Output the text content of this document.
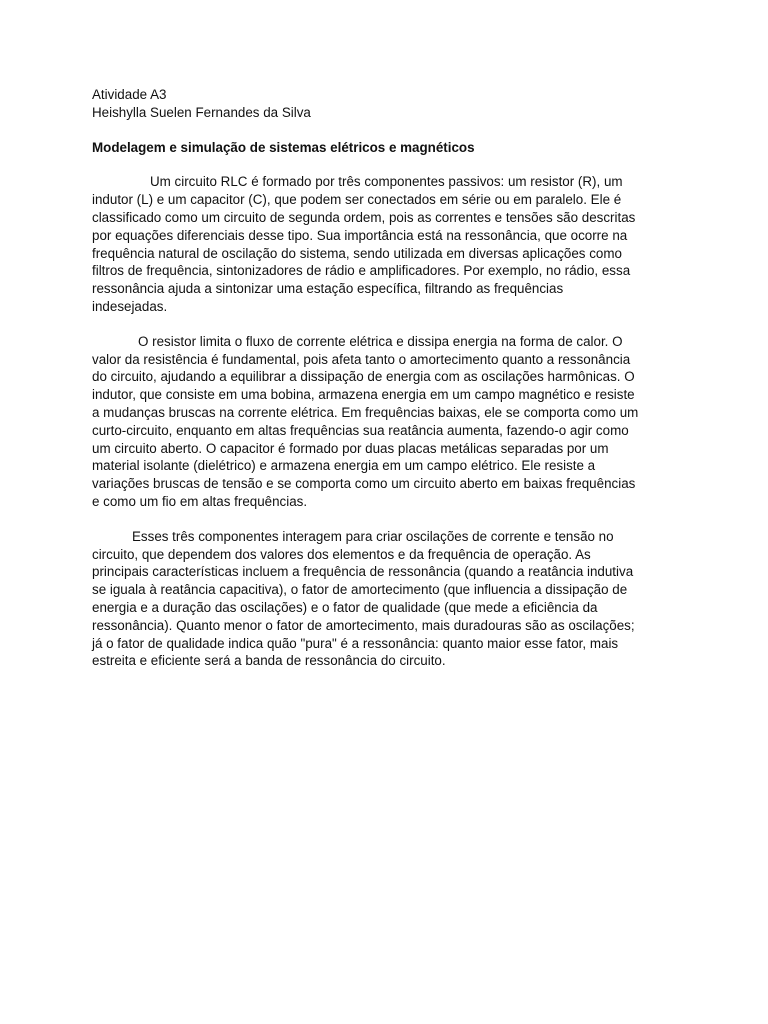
Atividade A3
Heishylla Suelen Fernandes da Silva
Modelagem e simulação de sistemas elétricos e magnéticos
Um circuito RLC é formado por três componentes passivos: um resistor (R), um
indutor (L) e um capacitor (C), que podem ser conectados em série ou em paralelo. Ele é
classificado como um circuito de segunda ordem, pois as correntes e tensões são descritas
por equações diferenciais desse tipo. Sua importância está na ressonância, que ocorre na
frequência natural de oscilação do sistema, sendo utilizada em diversas aplicações como
filtros de frequência, sintonizadores de rádio e amplificadores. Por exemplo, no rádio, essa
ressonância ajuda a sintonizar uma estação específica, filtrando as frequências
indesejadas.
O resistor limita o fluxo de corrente elétrica e dissipa energia na forma de calor. O
valor da resistência é fundamental, pois afeta tanto o amortecimento quanto a ressonância
do circuito, ajudando a equilibrar a dissipação de energia com as oscilações harmônicas. O
indutor, que consiste em uma bobina, armazena energia em um campo magnético e resiste
a mudanças bruscas na corrente elétrica. Em frequências baixas, ele se comporta como um
curto-circuito, enquanto em altas frequências sua reatância aumenta, fazendo-o agir como
um circuito aberto. O capacitor é formado por duas placas metálicas separadas por um
material isolante (dielétrico) e armazena energia em um campo elétrico. Ele resiste a
variações bruscas de tensão e se comporta como um circuito aberto em baixas frequências
e como um fio em altas frequências.
Esses três componentes interagem para criar oscilações de corrente e tensão no
circuito, que dependem dos valores dos elementos e da frequência de operação. As
principais características incluem a frequência de ressonância (quando a reatância indutiva
se iguala à reatância capacitiva), o fator de amortecimento (que influencia a dissipação de
energia e a duração das oscilações) e o fator de qualidade (que mede a eficiência da
ressonância). Quanto menor o fator de amortecimento, mais duradouras são as oscilações;
já o fator de qualidade indica quão "pura" é a ressonância: quanto maior esse fator, mais
estreita e eficiente será a banda de ressonância do circuito.
